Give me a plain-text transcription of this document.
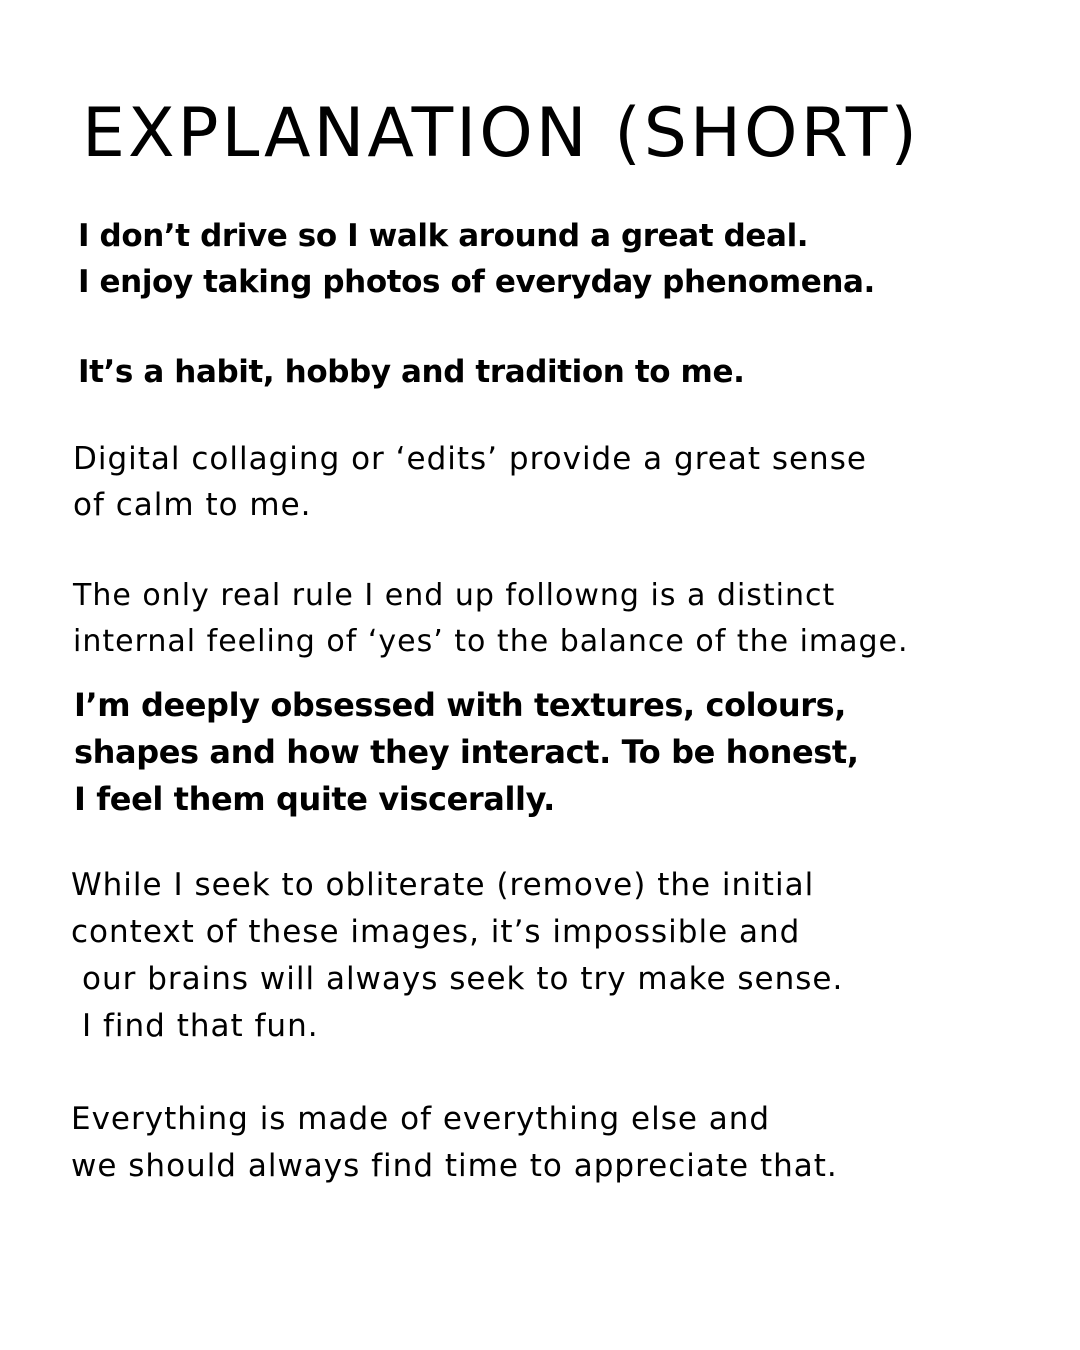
EXPLANATION (SHORT)

I don’t drive so I walk around a great deal.
I enjoy taking photos of everyday phenomena.

It’s a habit, hobby and tradition to me.

Digital collaging or ‘edits’ provide a great sense
of calm to me.

The only real rule I end up followng is a distinct
internal feeling of ‘yes’ to the balance of the image.

I’m deeply obsessed with textures, colours,
shapes and how they interact. To be honest,
I feel them quite viscerally.

While I seek to obliterate (remove) the initial
context of these images, it’s impossible and
our brains will always seek to try make sense.
I find that fun.

Everything is made of everything else and
we should always find time to appreciate that.
